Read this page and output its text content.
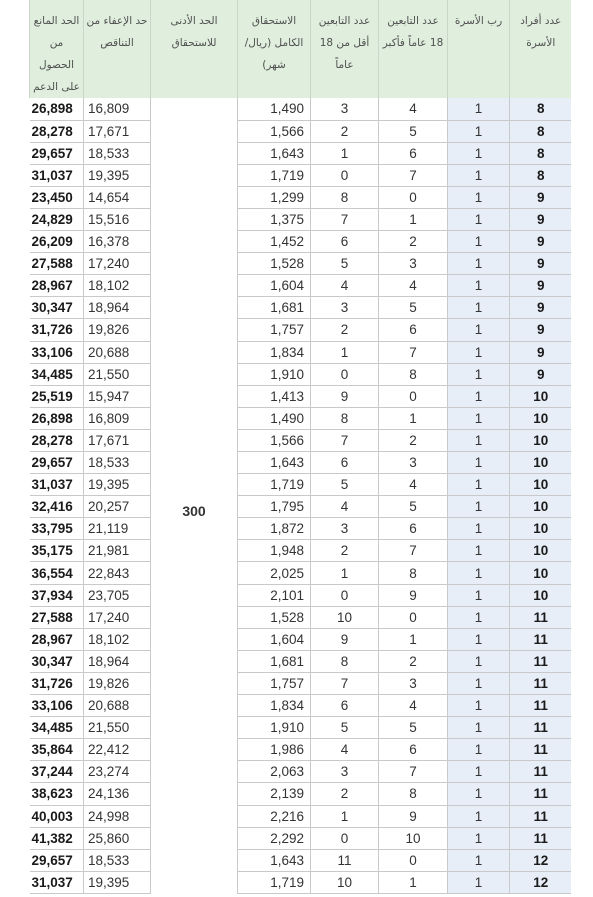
عدد أفراد الأسرة	رب الأسرة	عدد التابعين 18 عاماً فأكبر	عدد التابعين أقل من 18 عاماً	الاستحقاق الكامل (ريال/شهر)	الحد الأدنى للاستحقاق	حد الإعفاء من التناقص	الحد المانع من الحصول على الدعم
8	1	4	3	1,490	300	16,809	26,898
8	1	5	2	1,566		17,671	28,278
8	1	6	1	1,643		18,533	29,657
8	1	7	0	1,719		19,395	31,037
9	1	0	8	1,299		14,654	23,450
9	1	1	7	1,375		15,516	24,829
9	1	2	6	1,452		16,378	26,209
9	1	3	5	1,528		17,240	27,588
9	1	4	4	1,604		18,102	28,967
9	1	5	3	1,681		18,964	30,347
9	1	6	2	1,757		19,826	31,726
9	1	7	1	1,834		20,688	33,106
9	1	8	0	1,910		21,550	34,485
10	1	0	9	1,413		15,947	25,519
10	1	1	8	1,490		16,809	26,898
10	1	2	7	1,566		17,671	28,278
10	1	3	6	1,643		18,533	29,657
10	1	4	5	1,719		19,395	31,037
10	1	5	4	1,795		20,257	32,416
10	1	6	3	1,872		21,119	33,795
10	1	7	2	1,948		21,981	35,175
10	1	8	1	2,025		22,843	36,554
10	1	9	0	2,101		23,705	37,934
11	1	0	10	1,528		17,240	27,588
11	1	1	9	1,604		18,102	28,967
11	1	2	8	1,681		18,964	30,347
11	1	3	7	1,757		19,826	31,726
11	1	4	6	1,834		20,688	33,106
11	1	5	5	1,910		21,550	34,485
11	1	6	4	1,986		22,412	35,864
11	1	7	3	2,063		23,274	37,244
11	1	8	2	2,139		24,136	38,623
11	1	9	1	2,216		24,998	40,003
11	1	10	0	2,292		25,860	41,382
12	1	0	11	1,643		18,533	29,657
12	1	1	10	1,719		19,395	31,037
